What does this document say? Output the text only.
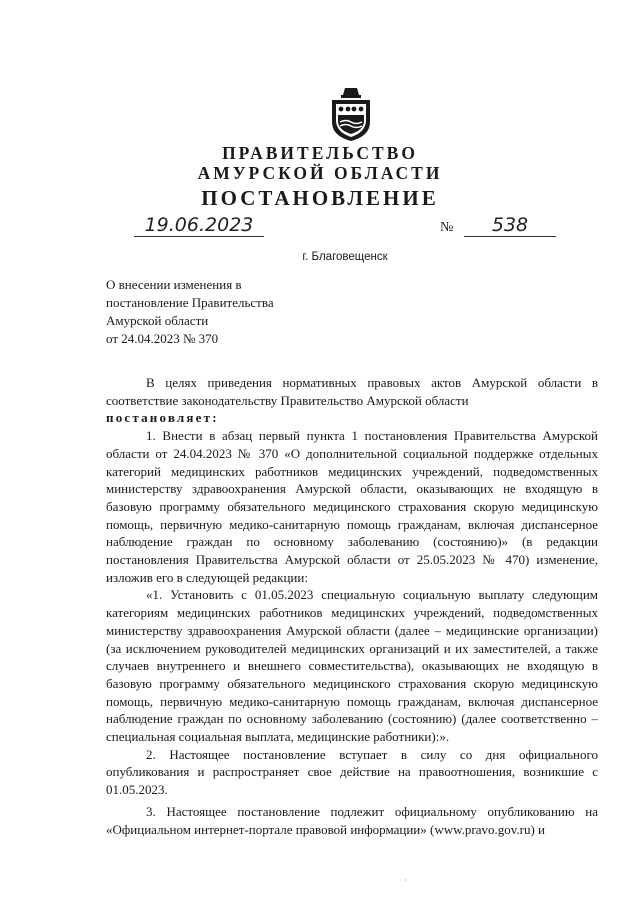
ПРАВИТЕЛЬСТВО
АМУРСКОЙ ОБЛАСТИ
ПОСТАНОВЛЕНИЕ
19.06.2023	№	538
г. Благовещенск
О внесении изменения в
постановление Правительства
Амурской области
от 24.04.2023 № 370

В целях приведения нормативных правовых актов Амурской области в соответствие законодательству Правительство Амурской области

постановляет:

1. Внести в абзац первый пункта 1 постановления Правительства Амурской области от 24.04.2023 № 370 «О дополнительной социальной поддержке отдельных категорий медицинских работников медицинских учреждений, подведомственных министерству здравоохранения Амурской области, оказывающих не входящую в базовую программу обязательного медицинского страхования скорую медицинскую помощь, первичную медико-санитарную помощь гражданам, включая диспансерное наблюдение граждан по основному заболеванию (состоянию)» (в редакции постановления Правительства Амурской области от 25.05.2023 № 470) изменение, изложив его в следующей редакции:

«1. Установить с 01.05.2023 специальную социальную выплату следующим категориям медицинских работников медицинских учреждений, подведомственных министерству здравоохранения Амурской области (далее – медицинские организации) (за исключением руководителей медицинских организаций и их заместителей, а также случаев внутреннего и внешнего совместительства), оказывающих не входящую в базовую программу обязательного медицинского страхования скорую медицинскую помощь, первичную медико-санитарную помощь гражданам, включая диспансерное наблюдение граждан по основному заболеванию (состоянию) (далее соответственно – специальная социальная выплата, медицинские работники):».

2. Настоящее постановление вступает в силу со дня официального опубликования и распространяет свое действие на правоотношения, возникшие с 01.05.2023.

3. Настоящее постановление подлежит официальному опубликованию на «Официальном интернет-портале правовой информации» (www.pravo.gov.ru) и

·
